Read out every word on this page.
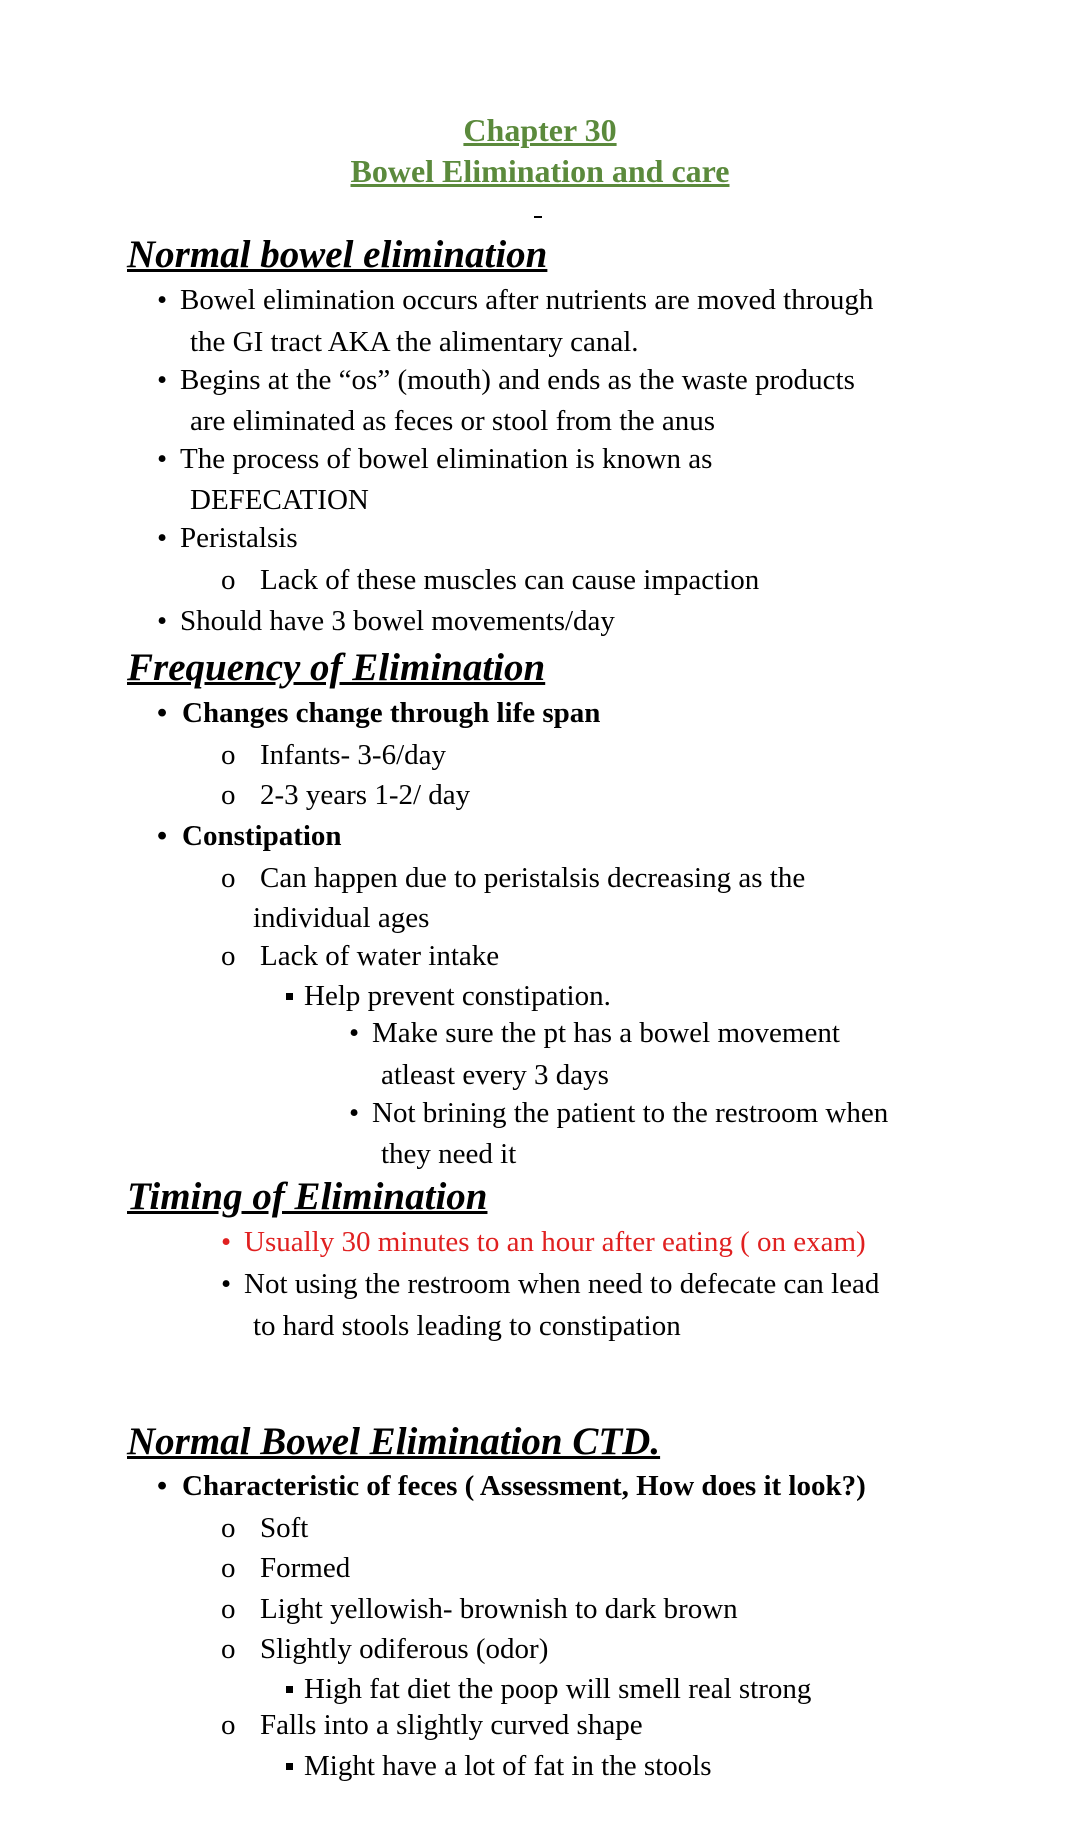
Chapter 30
Bowel Elimination and care
Normal bowel elimination
• Bowel elimination occurs after nutrients are moved through
the GI tract AKA the alimentary canal.
• Begins at the “os” (mouth) and ends as the waste products
are eliminated as feces or stool from the anus
• The process of bowel elimination is known as
DEFECATION
• Peristalsis
o Lack of these muscles can cause impaction
• Should have 3 bowel movements/day
Frequency of Elimination
• Changes change through life span
o Infants- 3-6/day
o 2-3 years 1-2/ day
• Constipation
o Can happen due to peristalsis decreasing as the
individual ages
o Lack of water intake
Help prevent constipation.
• Make sure the pt has a bowel movement
atleast every 3 days
• Not brining the patient to the restroom when
they need it
Timing of Elimination
• Usually 30 minutes to an hour after eating ( on exam)
• Not using the restroom when need to defecate can lead
to hard stools leading to constipation
Normal Bowel Elimination CTD.
• Characteristic of feces ( Assessment, How does it look?)
o Soft
o Formed
o Light yellowish- brownish to dark brown
o Slightly odiferous (odor)
High fat diet the poop will smell real strong
o Falls into a slightly curved shape
Might have a lot of fat in the stools
